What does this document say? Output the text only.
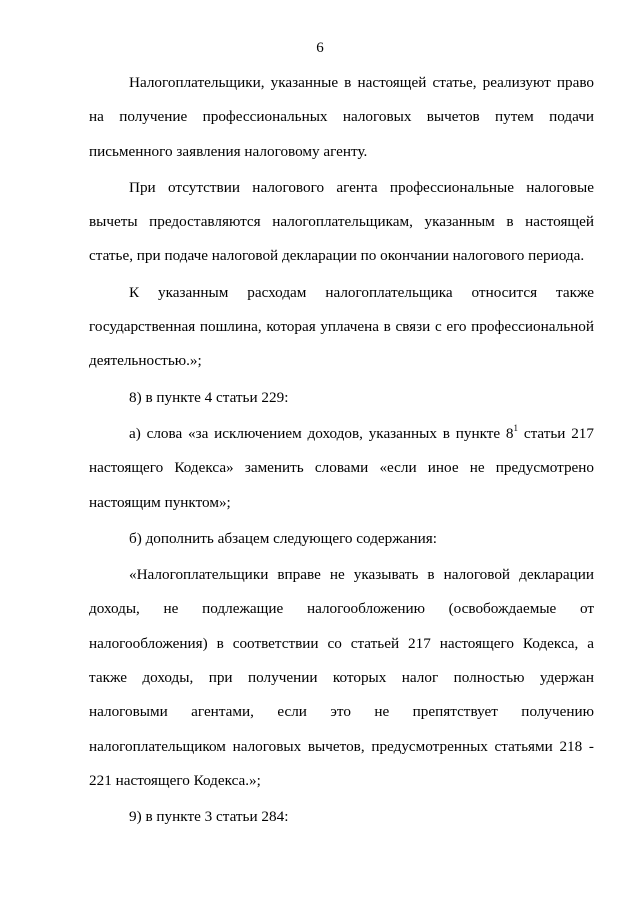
6

Налогоплательщики, указанные в настоящей статье, реализуют право на получение профессиональных налоговых вычетов путем подачи письменного заявления налоговому агенту.

При отсутствии налогового агента профессиональные налоговые вычеты предоставляются налогоплательщикам, указанным в настоящей статье, при подаче налоговой декларации по окончании налогового периода.

К указанным расходам налогоплательщика относится также государственная пошлина, которая уплачена в связи с его профессиональной деятельностью.»;

8) в пункте 4 статьи 229:

а) слова «за исключением доходов, указанных в пункте $8^1$ статьи 217 настоящего Кодекса» заменить словами «если иное не предусмотрено настоящим пунктом»;

б) дополнить абзацем следующего содержания:

«Налогоплательщики вправе не указывать в налоговой декларации доходы, не подлежащие налогообложению (освобождаемые от налогообложения) в соответствии со статьей 217 настоящего Кодекса, а также доходы, при получении которых налог полностью удержан налоговыми агентами, если это не препятствует получению налогоплательщиком налоговых вычетов, предусмотренных статьями 218 - 221 настоящего Кодекса.»;

9) в пункте 3 статьи 284:
